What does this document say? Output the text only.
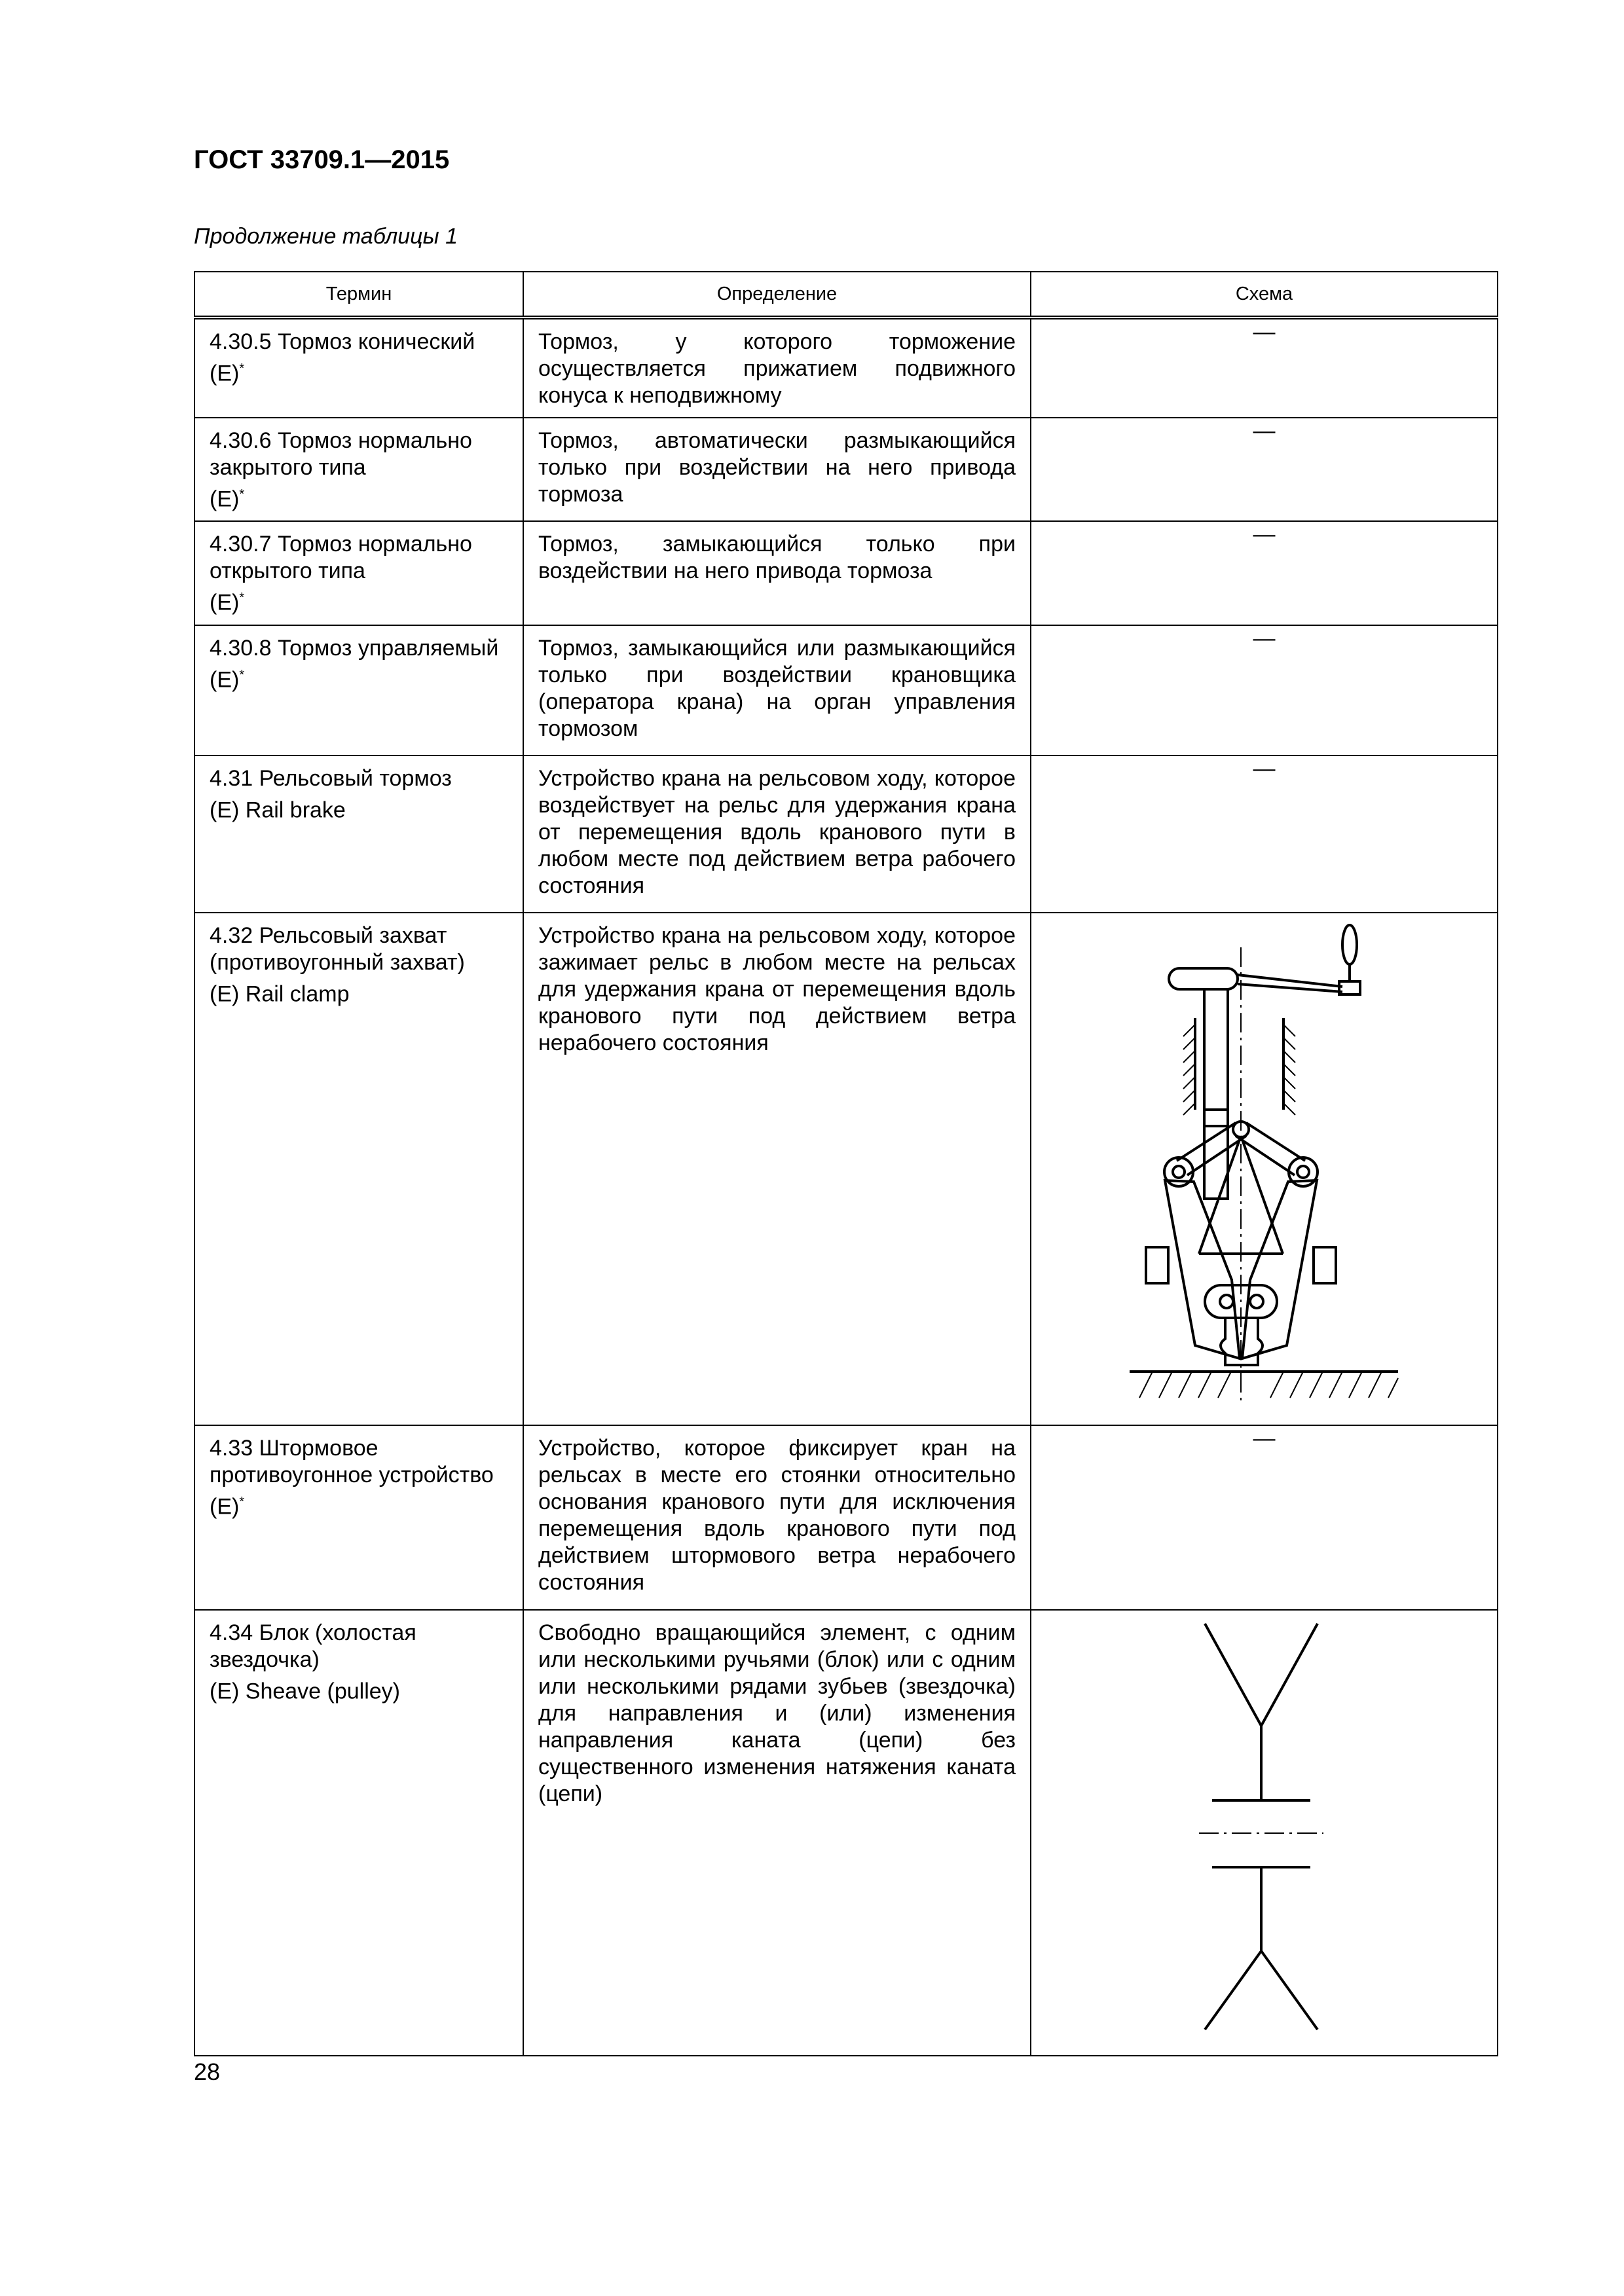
ГОСТ 33709.1—2015
Продолжение таблицы 1
Термин	Определение	Схема

4.30.5 Тормоз конический
(E)*	Тормоз, у которого торможение осуществляется прижатием подвижного конуса к неподвижному	—

4.30.6 Тормоз нормально закрытого типа
(E)*	Тормоз, автоматически размыкающийся только при воздействии на него привода тормоза	—

4.30.7 Тормоз нормально открытого типа
(E)*	Тормоз, замыкающийся только при воздействии на него привода тормоза	—

4.30.8 Тормоз управляемый
(E)*	Тормоз, замыкающийся или размыкающийся только при воздействии крановщика (оператора крана) на орган управления тормозом	—

4.31 Рельсовый тормоз
(E) Rail brake	Устройство крана на рельсовом ходу, которое воздействует на рельс для удержания крана от перемещения вдоль кранового пути в любом месте под действием ветра рабочего состояния	—

4.32 Рельсовый захват (противоугонный захват)
(E) Rail clamp	Устройство крана на рельсовом ходу, которое зажимает рельс в любом месте на рельсах для удержания крана от перемещения вдоль кранового пути под действием ветра нерабочего состояния

4.33 Штормовое противоугонное устройство
(E)*	Устройство, которое фиксирует кран на рельсах в месте его стоянки относительно основания кранового пути для исключения перемещения вдоль кранового пути под действием штормового ветра нерабочего состояния	—

4.34 Блок (холостая звездочка)
(E) Sheave (pulley)	Свободно вращающийся элемент, с одним или несколькими ручьями (блок) или с одним или несколькими рядами зубьев (звездочка) для направления и (или) изменения направления каната (цепи) без существенного изменения натяжения каната (цепи)

28
